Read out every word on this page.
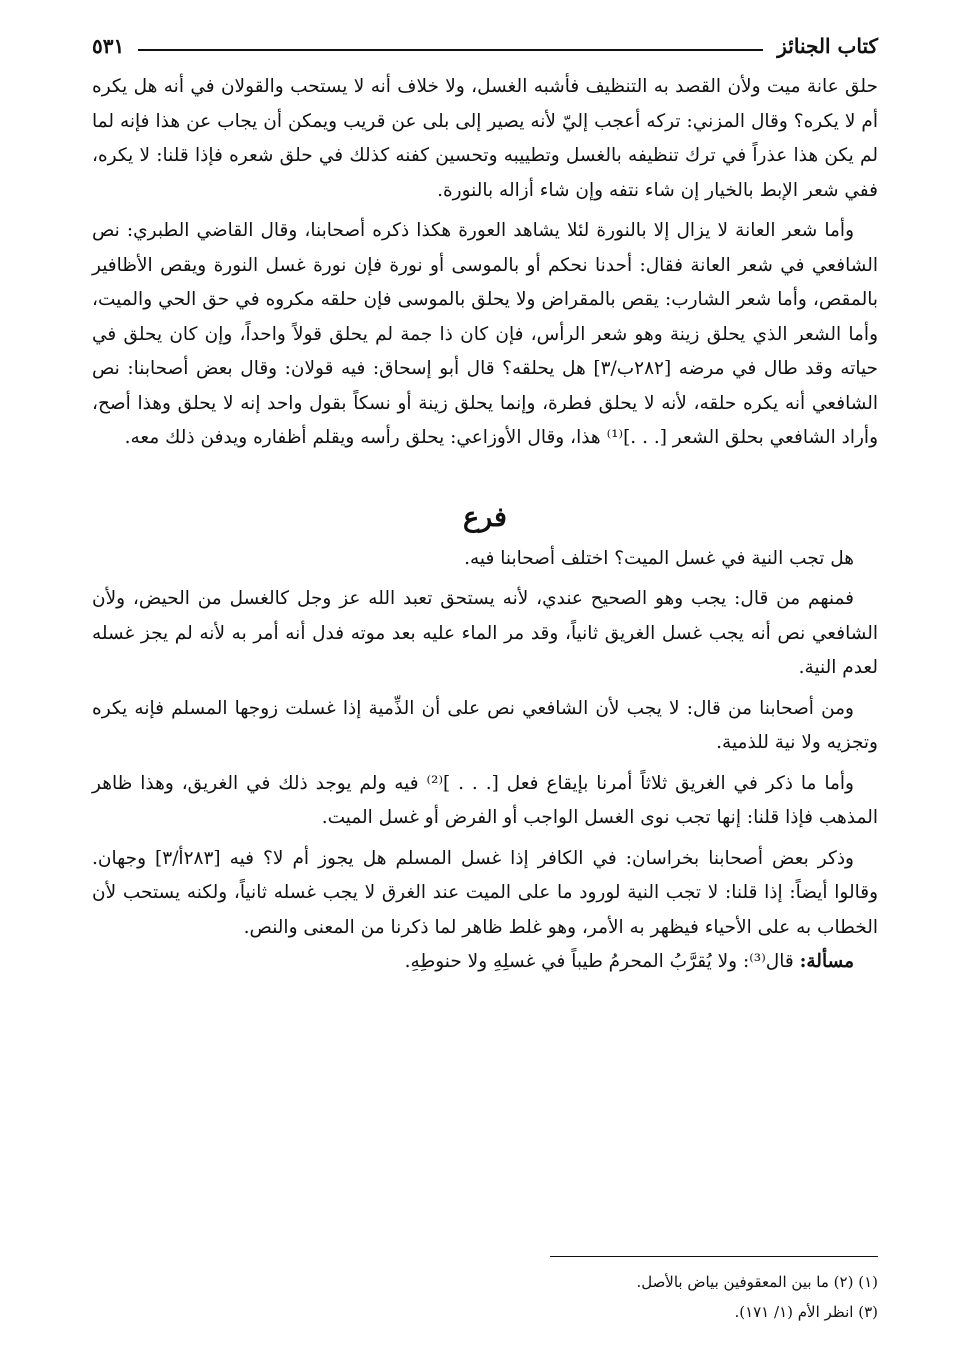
كتاب الجنائز
٥٣١

حلق عانة ميت ولأن القصد به التنظيف فأشبه الغسل، ولا خلاف أنه لا يستحب والقولان في أنه هل يكره أم لا يكره؟ وقال المزني: تركه أعجب إليّ لأنه يصير إلى بلى عن قريب ويمكن أن يجاب عن هذا فإنه لما لم يكن هذا عذراً في ترك تنظيفه بالغسل وتطييبه وتحسين كفنه كذلك في حلق شعره فإذا قلنا: لا يكره، ففي شعر الإبط بالخيار إن شاء نتفه وإن شاء أزاله بالنورة.

وأما شعر العانة لا يزال إلا بالنورة لئلا يشاهد العورة هكذا ذكره أصحابنا، وقال القاضي الطبري: نص الشافعي في شعر العانة فقال: أحدنا نحكم أو بالموسى أو نورة فإن نورة غسل النورة ويقص الأظافير بالمقص، وأما شعر الشارب: يقص بالمقراض ولا يحلق بالموسى فإن حلقه مكروه في حق الحي والميت، وأما الشعر الذي يحلق زينة وهو شعر الرأس، فإن كان ذا جمة لم يحلق قولاً واحداً، وإن كان يحلق في حياته وقد طال في مرضه [٢٨٢ب/٣] هل يحلقه؟ قال أبو إسحاق: فيه قولان: وقال بعض أصحابنا: نص الشافعي أنه يكره حلقه، لأنه لا يحلق فطرة، وإنما يحلق زينة أو نسكاً بقول واحد إنه لا يحلق وهذا أصح، وأراد الشافعي بحلق الشعر [. . .]⁽¹⁾ هذا، وقال الأوزاعي: يحلق رأسه ويقلم أظفاره ويدفن ذلك معه.

فرع

هل تجب النية في غسل الميت؟ اختلف أصحابنا فيه.

فمنهم من قال: يجب وهو الصحيح عندي، لأنه يستحق تعبد الله عز وجل كالغسل من الحيض، ولأن الشافعي نص أنه يجب غسل الغريق ثانياً، وقد مر الماء عليه بعد موته فدل أنه أمر به لأنه لم يجز غسله لعدم النية.

ومن أصحابنا من قال: لا يجب لأن الشافعي نص على أن الذِّمية إذا غسلت زوجها المسلم فإنه يكره وتجزيه ولا نية للذمية.

وأما ما ذكر في الغريق ثلاثاً أمرنا بإيقاع فعل [. . . ]⁽²⁾ فيه ولم يوجد ذلك في الغريق، وهذا ظاهر المذهب فإذا قلنا: إنها تجب نوى الغسل الواجب أو الفرض أو غسل الميت.

وذكر بعض أصحابنا بخراسان: في الكافر إذا غسل المسلم هل يجوز أم لا؟ فيه [٢٨٣أ/٣] وجهان. وقالوا أيضاً: إذا قلنا: لا تجب النية لورود ما على الميت عند الغرق لا يجب غسله ثانياً، ولكنه يستحب لأن الخطاب به على الأحياء فيظهر به الأمر، وهو غلط ظاهر لما ذكرنا من المعنى والنص.

مسألة: قال⁽³⁾: ولا يُقرَّبُ المحرمُ طيباً في غسلِهِ ولا حنوطِهِ.

(١) (٢) ما بين المعقوفين بياض بالأصل.

(٣) انظر الأم (١/ ١٧١).
